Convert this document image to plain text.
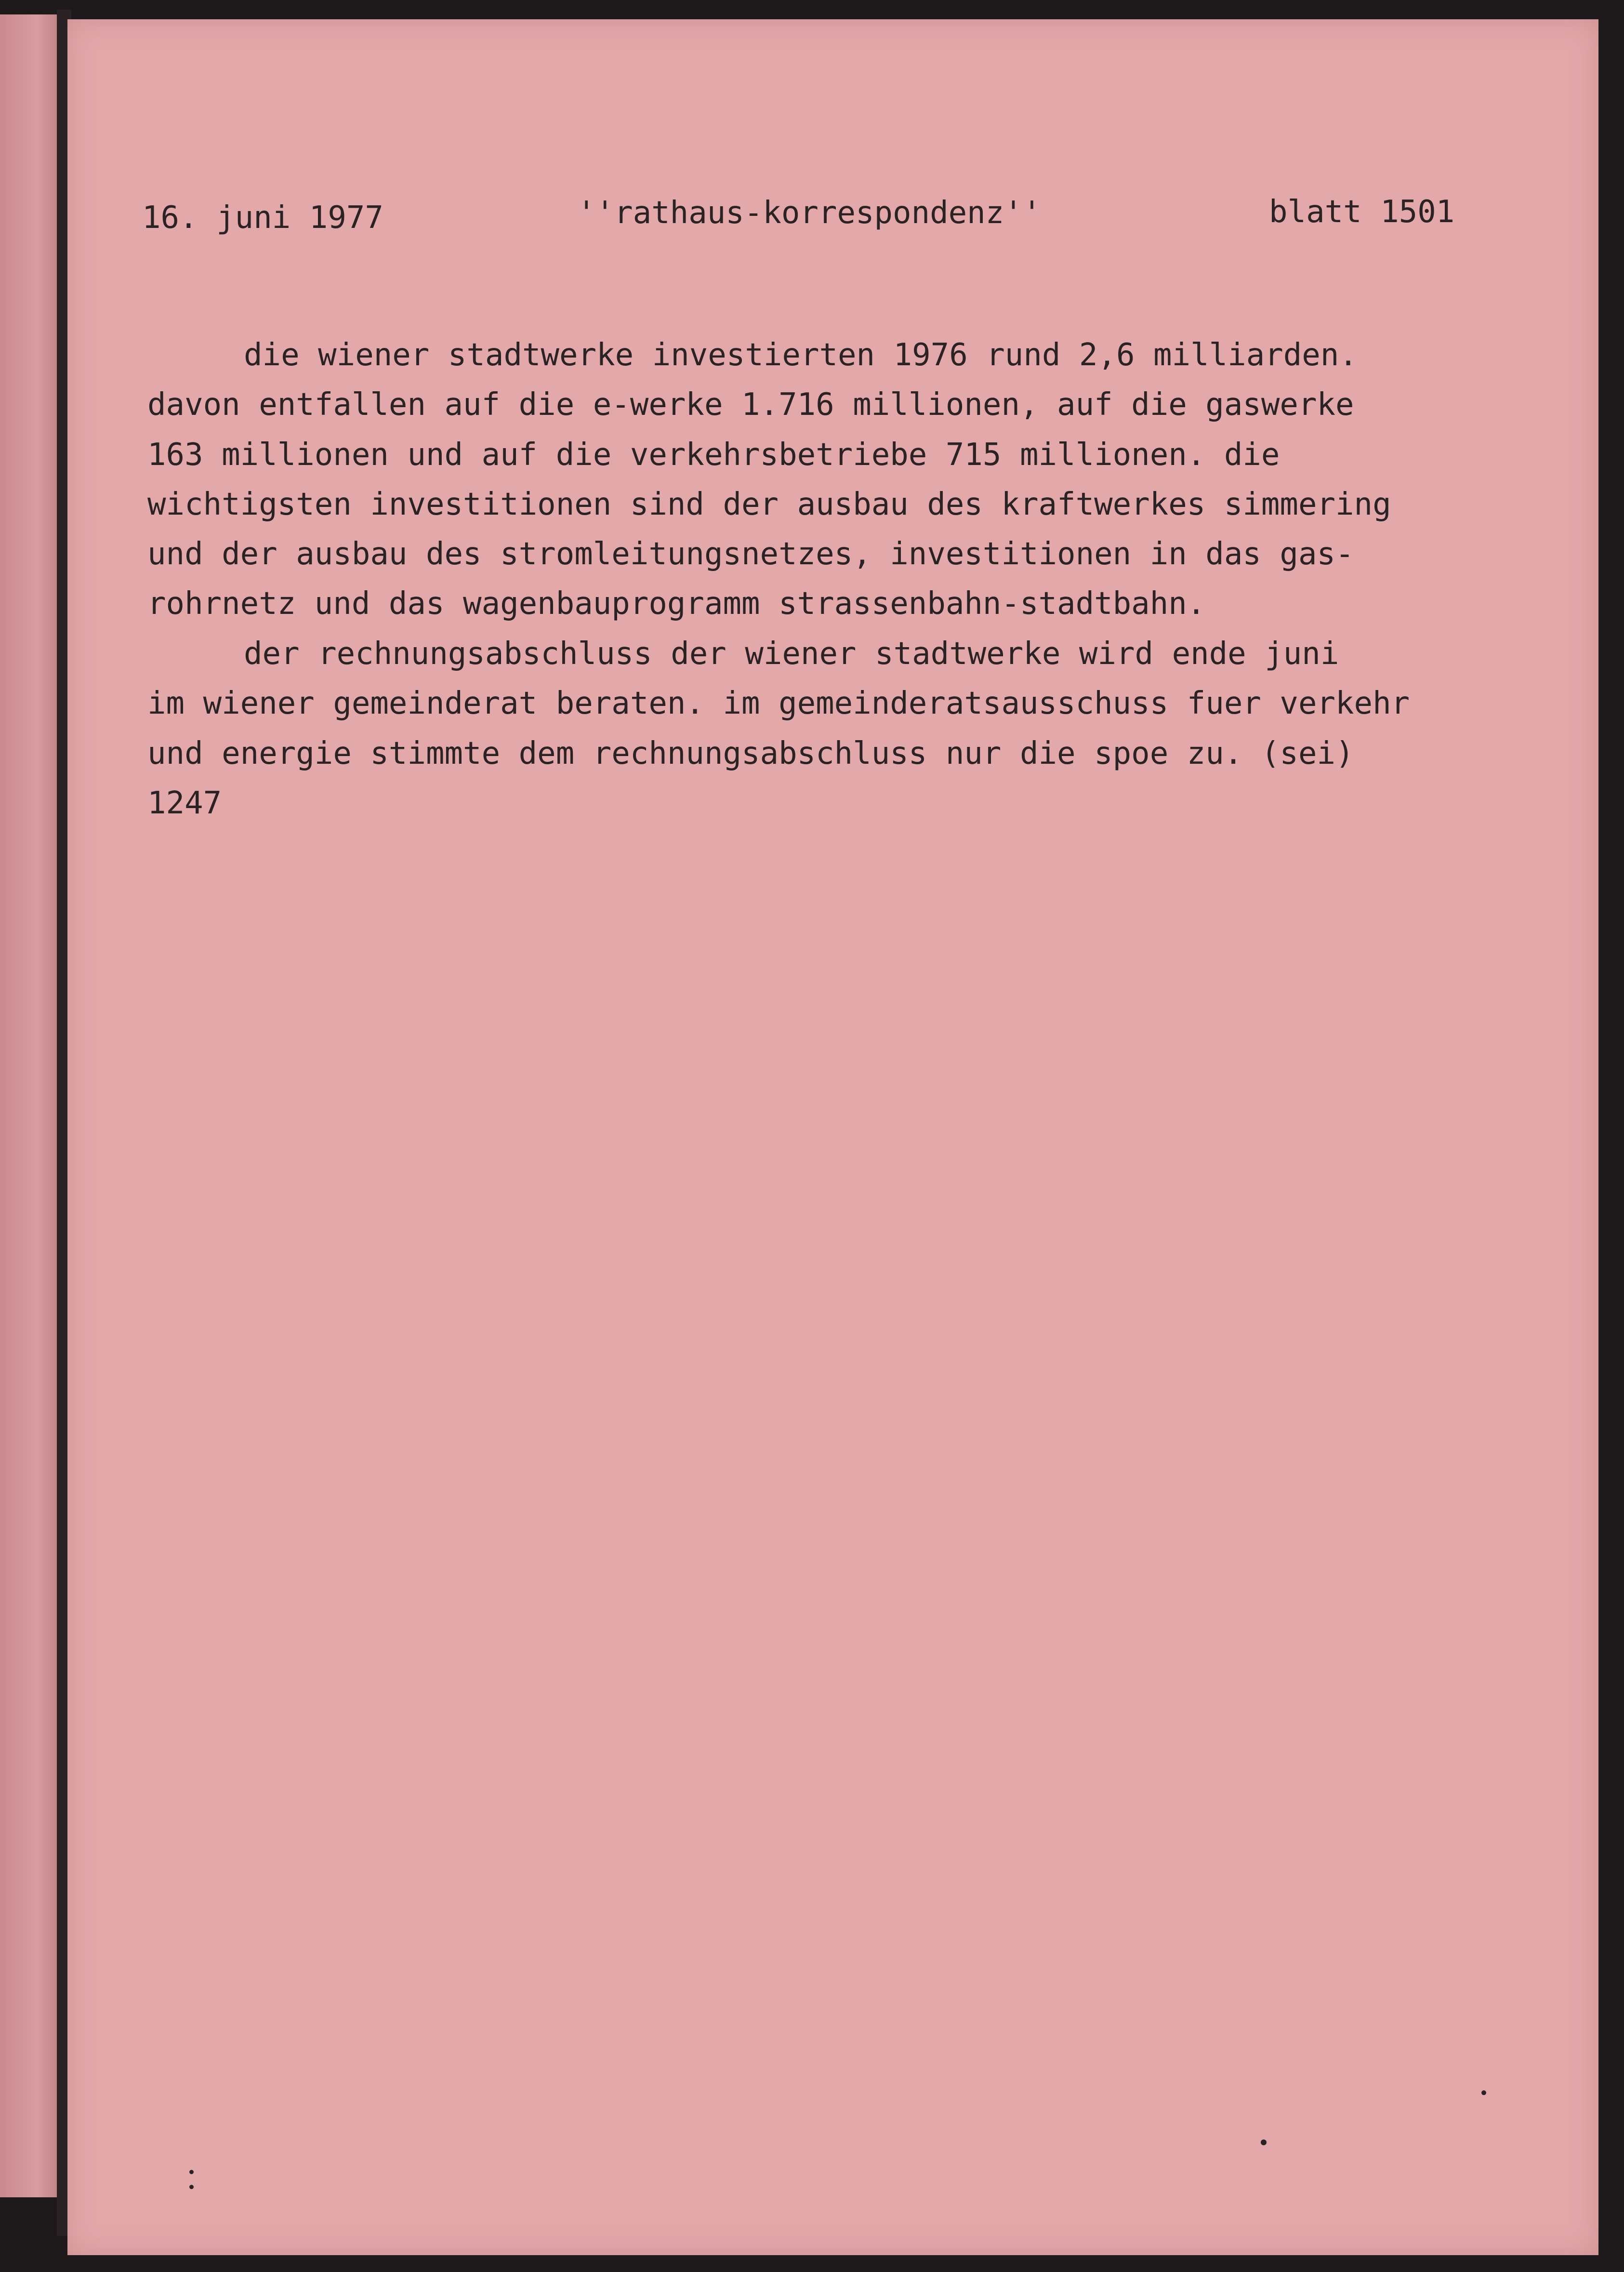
16. juni 1977	''rathaus-korrespondenz''	blatt 1501
die wiener stadtwerke investierten 1976 rund 2,6 milliarden.
davon entfallen auf die e-werke 1.716 millionen, auf die gaswerke
163 millionen und auf die verkehrsbetriebe 715 millionen. die
wichtigsten investitionen sind der ausbau des kraftwerkes simmering
und der ausbau des stromleitungsnetzes, investitionen in das gas-
rohrnetz und das wagenbauprogramm strassenbahn-stadtbahn.
der rechnungsabschluss der wiener stadtwerke wird ende juni
im wiener gemeinderat beraten. im gemeinderatsausschuss fuer verkehr
und energie stimmte dem rechnungsabschluss nur die spoe zu. (sei)
1247
